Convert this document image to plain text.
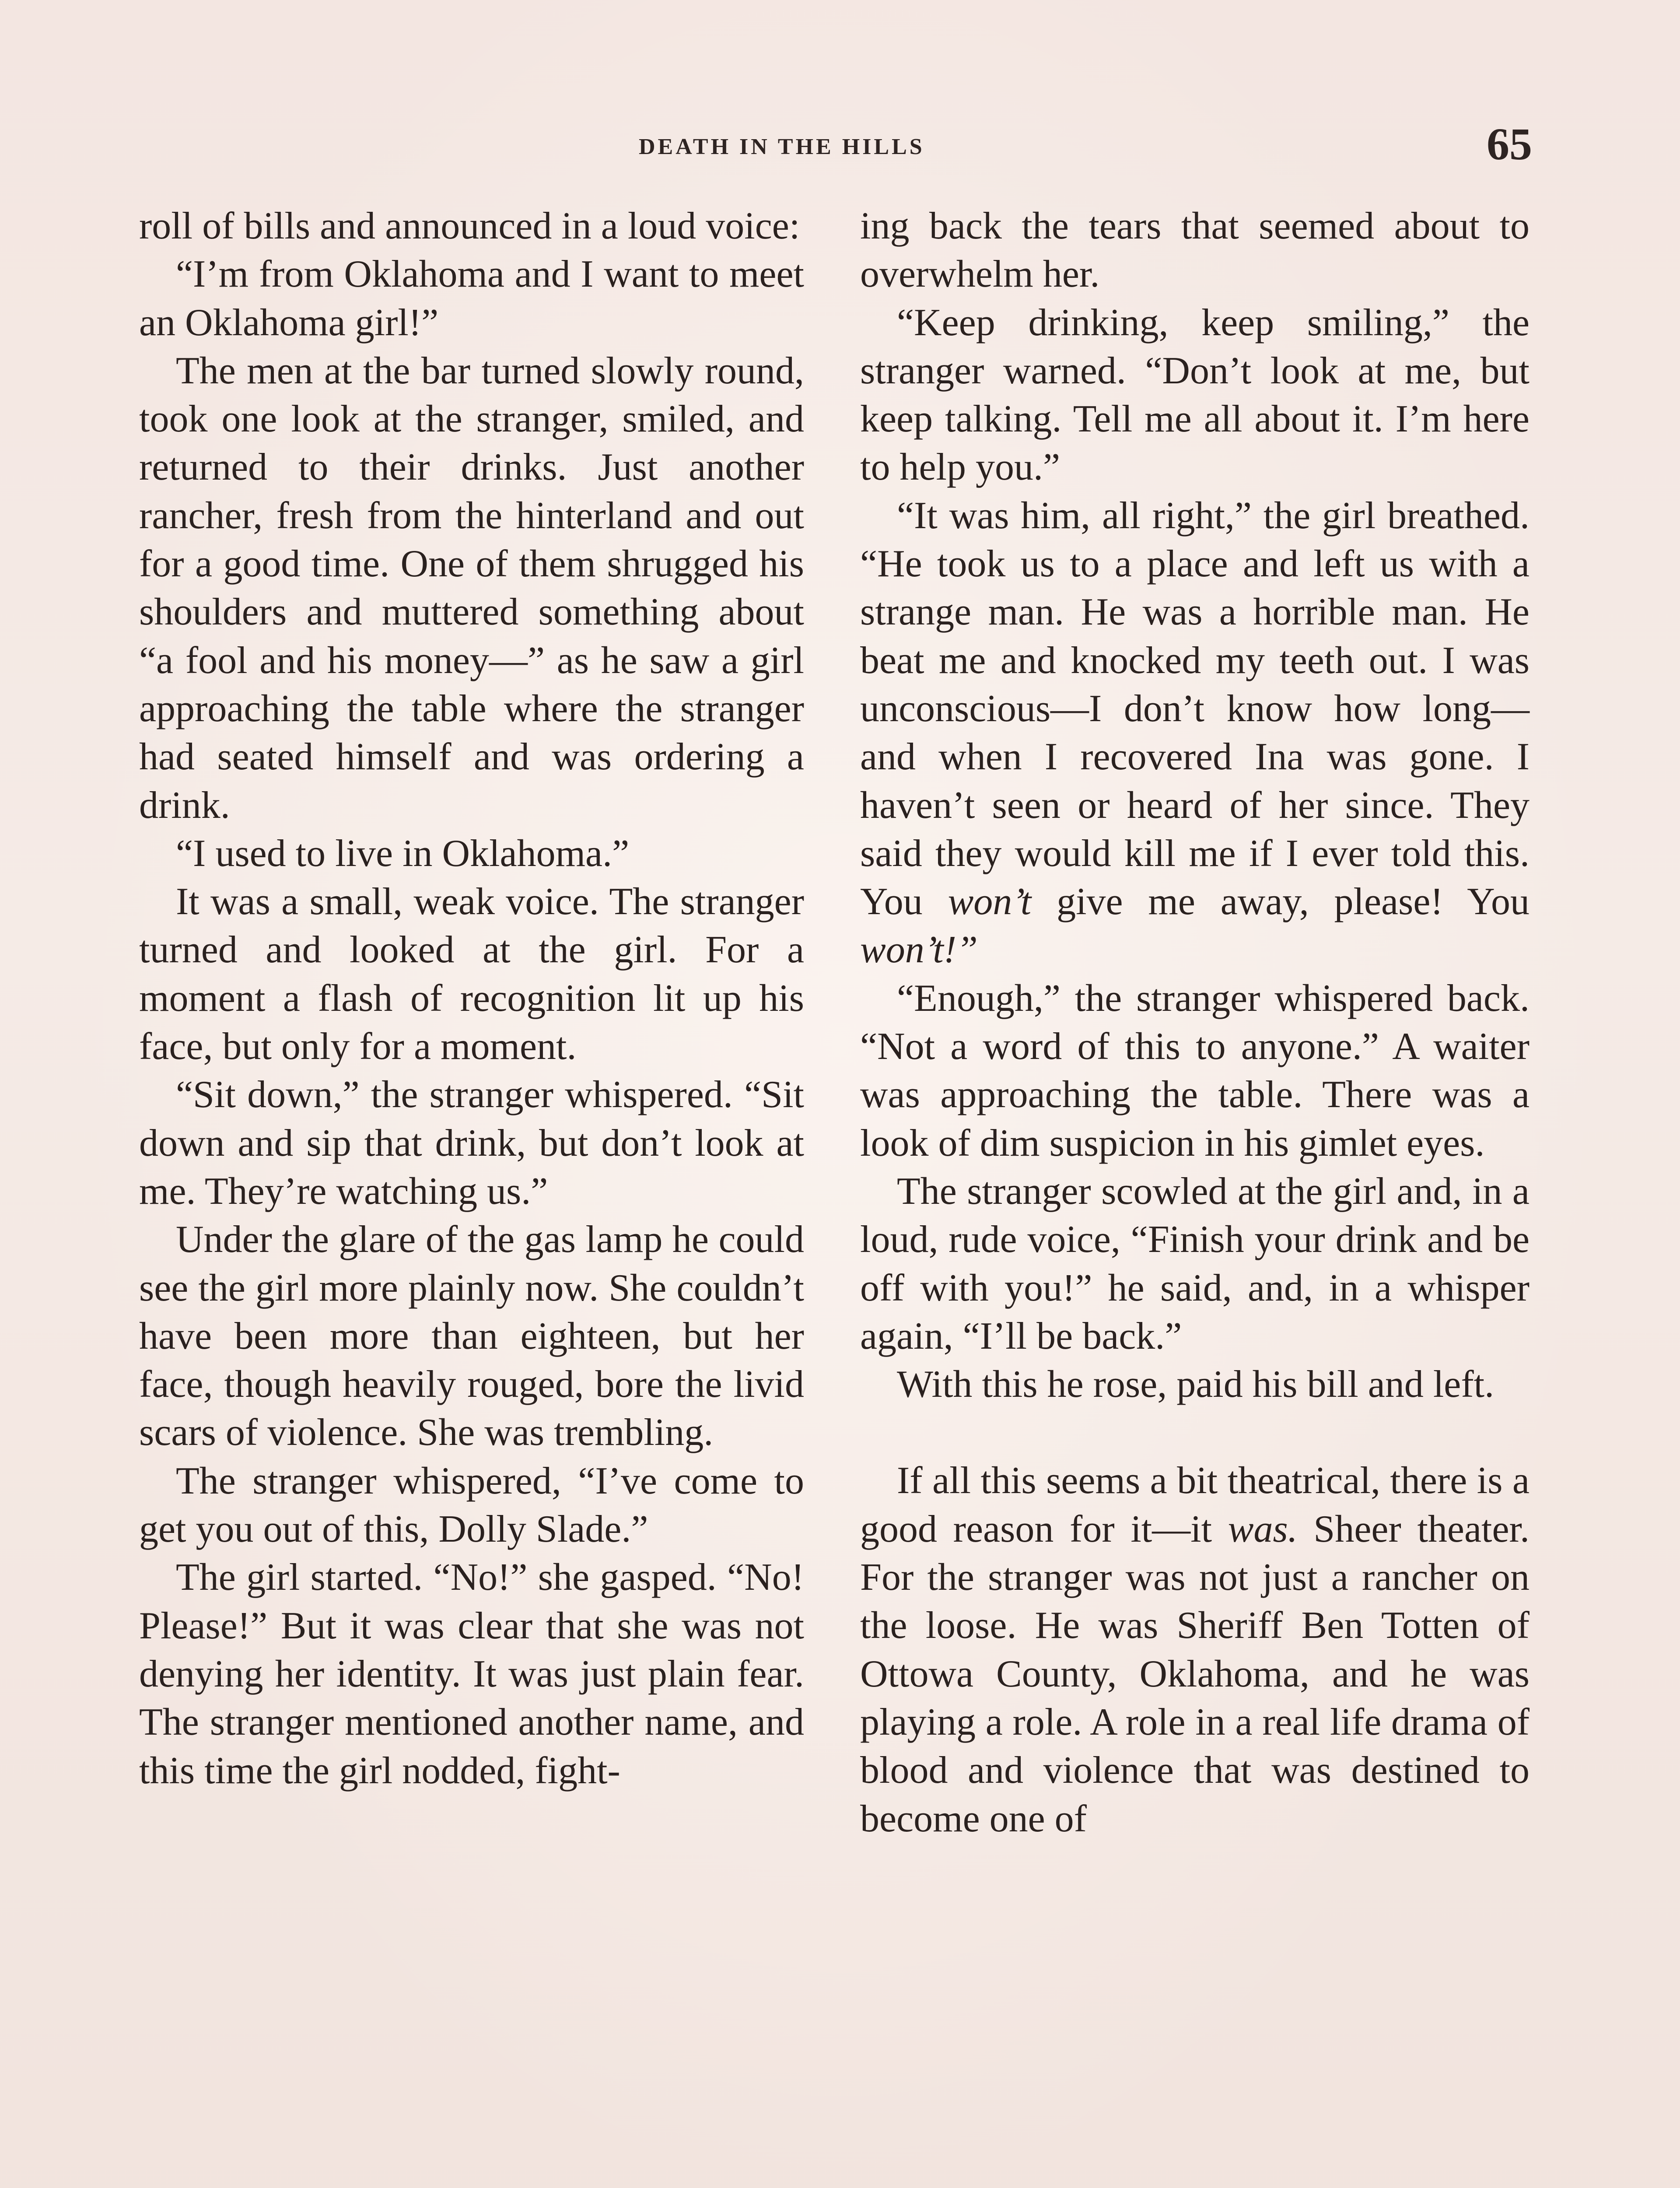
DEATH IN THE HILLS	65

roll of bills and announced in a loud voice:

“I’m from Oklahoma and I want to meet an Oklahoma girl!”

The men at the bar turned slowly round, took one look at the stranger, smiled, and returned to their drinks. Just another rancher, fresh from the hinterland and out for a good time. One of them shrugged his shoulders and muttered something about “a fool and his money—” as he saw a girl approaching the table where the stranger had seated himself and was ordering a drink.

“I used to live in Oklahoma.”

It was a small, weak voice. The stranger turned and looked at the girl. For a moment a flash of recognition lit up his face, but only for a moment.

“Sit down,” the stranger whispered. “Sit down and sip that drink, but don’t look at me. They’re watching us.”

Under the glare of the gas lamp he could see the girl more plainly now. She couldn’t have been more than eighteen, but her face, though heavily rouged, bore the livid scars of violence. She was trembling.

The stranger whispered, “I’ve come to get you out of this, Dolly Slade.”

The girl started. “No!” she gasped. “No! Please!” But it was clear that she was not denying her identity. It was just plain fear. The stranger mentioned another name, and this time the girl nodded, fight-

ing back the tears that seemed about to overwhelm her.

“Keep drinking, keep smiling,” the stranger warned. “Don’t look at me, but keep talking. Tell me all about it. I’m here to help you.”

“It was him, all right,” the girl breathed. “He took us to a place and left us with a strange man. He was a horrible man. He beat me and knocked my teeth out. I was unconscious—I don’t know how long—and when I recovered Ina was gone. I haven’t seen or heard of her since. They said they would kill me if I ever told this. You won’t give me away, please! You won’t!”

“Enough,” the stranger whispered back. “Not a word of this to anyone.” A waiter was approaching the table. There was a look of dim suspicion in his gimlet eyes.

The stranger scowled at the girl and, in a loud, rude voice, “Finish your drink and be off with you!” he said, and, in a whisper again, “I’ll be back.”

With this he rose, paid his bill and left.

If all this seems a bit theatrical, there is a good reason for it—it was. Sheer theater. For the stranger was not just a rancher on the loose. He was Sheriff Ben Totten of Ottowa County, Oklahoma, and he was playing a role. A role in a real life drama of blood and violence that was destined to become one of
